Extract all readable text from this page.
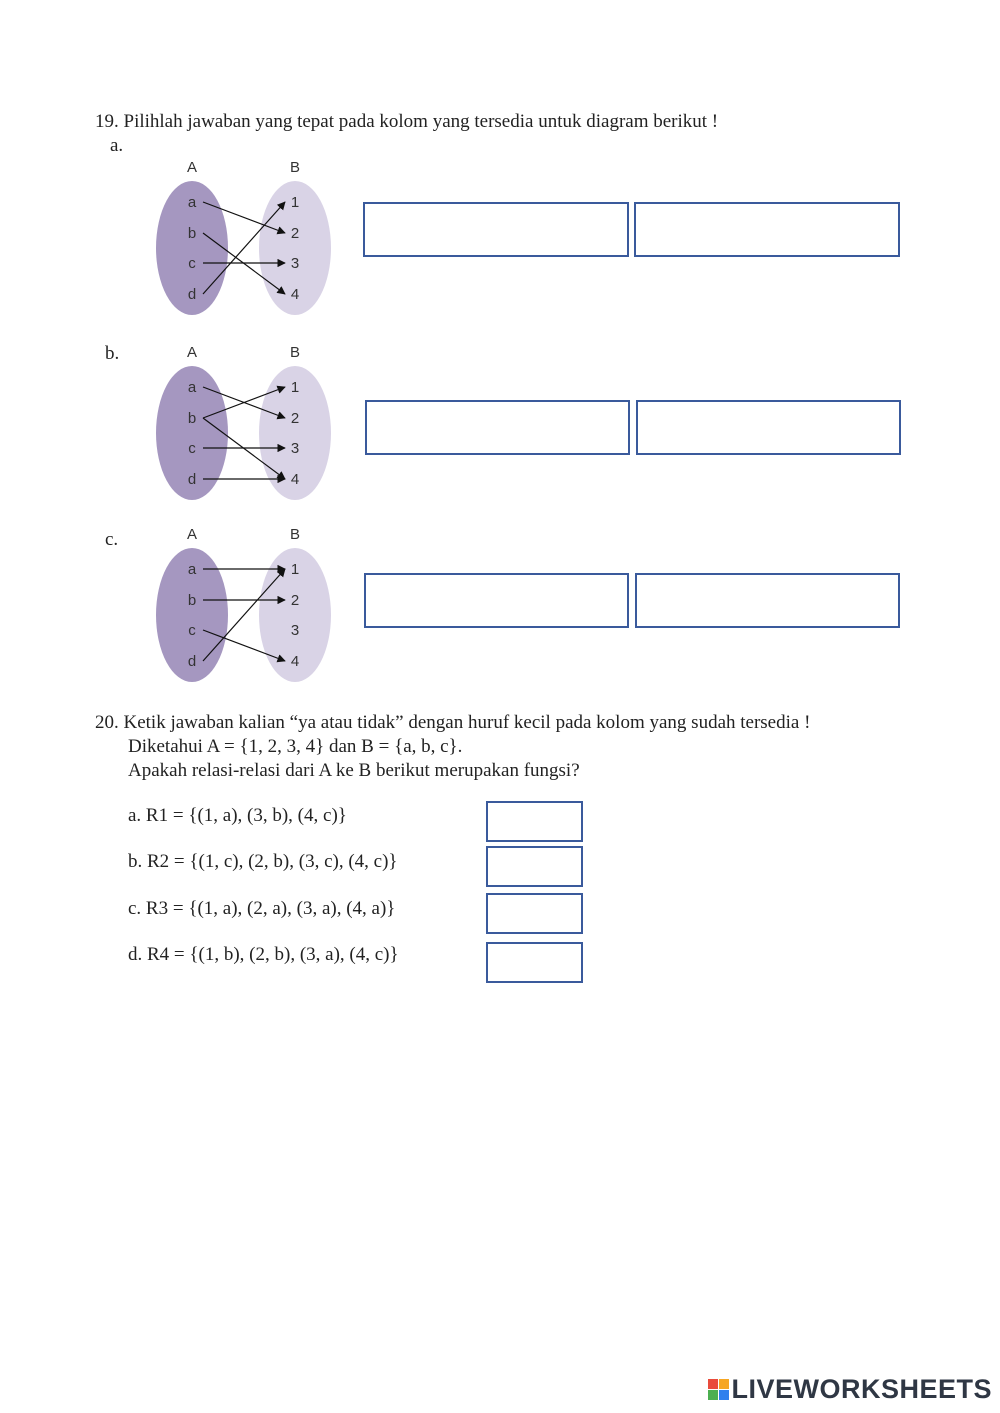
19. Pilihlah jawaban yang tepat pada kolom yang tersedia untuk diagram berikut !
a.
A	B
a
b
c
d
1
2
3
4
b.	A	B
a
b
c
d
1
2
3
4
c.	A	B
a
b
c
d
1
2
3
4
20. Ketik jawaban kalian “ya atau tidak” dengan huruf kecil pada kolom yang sudah tersedia !
Diketahui A = {1, 2, 3, 4} dan B = {a, b, c}.
Apakah relasi-relasi dari A ke B berikut merupakan fungsi?
a. R1 = {(1, a), (3, b), (4, c)}
b. R2 = {(1, c), (2, b), (3, c), (4, c)}
c. R3 = {(1, a), (2, a), (3, a), (4, a)}
d. R4 = {(1, b), (2, b), (3, a), (4, c)}
LIVEWORKSHEETS
